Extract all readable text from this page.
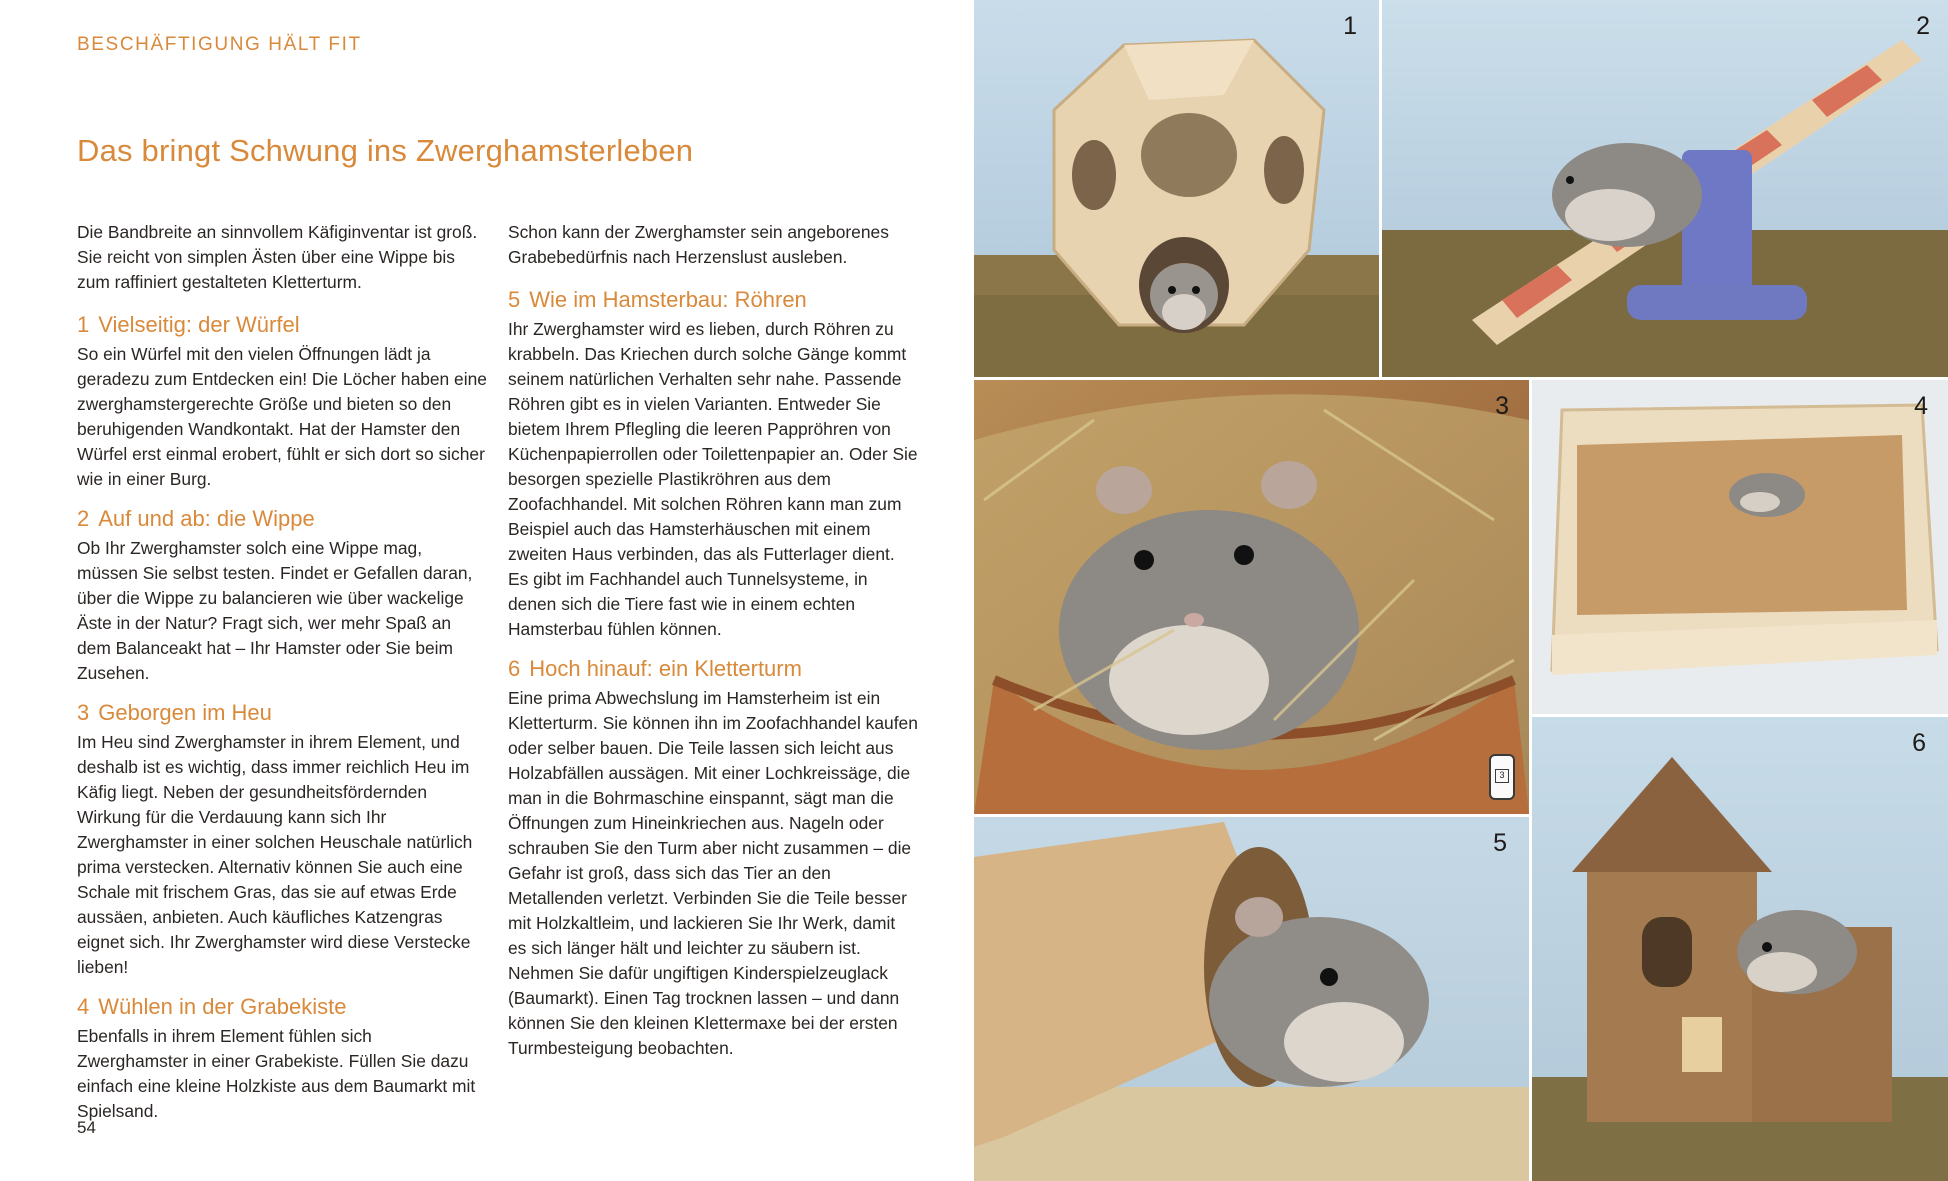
BESCHÄFTIGUNG HÄLT FIT
Das bringt Schwung ins Zwerghamsterleben

Die Bandbreite an sinnvollem Käfiginventar ist groß. Sie reicht von simplen Ästen über eine Wippe bis zum raffiniert gestalteten Kletterturm.

1 Vielseitig: der Würfel

So ein Würfel mit den vielen Öffnungen lädt ja geradezu zum Entdecken ein! Die Löcher haben eine zwerghamstergerechte Größe und bieten so den beruhigenden Wandkontakt. Hat der Hamster den Würfel erst einmal erobert, fühlt er sich dort so sicher wie in einer Burg.

2 Auf und ab: die Wippe

Ob Ihr Zwerghamster solch eine Wippe mag, müssen Sie selbst testen. Findet er Gefallen daran, über die Wippe zu balancieren wie über wackelige Äste in der Natur? Fragt sich, wer mehr Spaß an dem Balanceakt hat – Ihr Hamster oder Sie beim Zusehen.

3 Geborgen im Heu

Im Heu sind Zwerghamster in ihrem Element, und deshalb ist es wichtig, dass immer reichlich Heu im Käfig liegt. Neben der gesundheitsfördernden Wirkung für die Verdauung kann sich Ihr Zwerghamster in einer solchen Heuschale natürlich prima verstecken. Alternativ können Sie auch eine Schale mit frischem Gras, das sie auf etwas Erde aussäen, anbieten. Auch käufliches Katzengras eignet sich. Ihr Zwerghamster wird diese Verstecke lieben!

4 Wühlen in der Grabekiste

Ebenfalls in ihrem Element fühlen sich Zwerghamster in einer Grabekiste. Füllen Sie dazu einfach eine kleine Holzkiste aus dem Baumarkt mit Spielsand.

Schon kann der Zwerghamster sein angeborenes Grabebedürfnis nach Herzenslust ausleben.

5 Wie im Hamsterbau: Röhren

Ihr Zwerghamster wird es lieben, durch Röhren zu krabbeln. Das Kriechen durch solche Gänge kommt seinem natürlichen Verhalten sehr nahe. Passende Röhren gibt es in vielen Varianten. Entweder Sie bietem Ihrem Pflegling die leeren Pappröhren von Küchenpapierrollen oder Toilettenpapier an. Oder Sie besorgen spezielle Plastikröhren aus dem Zoofachhandel. Mit solchen Röhren kann man zum Beispiel auch das Hamsterhäuschen mit einem zweiten Haus verbinden, das als Futterlager dient. Es gibt im Fachhandel auch Tunnelsysteme, in denen sich die Tiere fast wie in einem echten Hamsterbau fühlen können.

6 Hoch hinauf: ein Kletterturm

Eine prima Abwechslung im Hamsterheim ist ein Kletterturm. Sie können ihn im Zoofachhandel kaufen oder selber bauen. Die Teile lassen sich leicht aus Holzabfällen aussägen. Mit einer Lochkreissäge, die man in die Bohrmaschine einspannt, sägt man die Öffnungen zum Hineinkriechen aus. Nageln oder schrauben Sie den Turm aber nicht zusammen – die Gefahr ist groß, dass sich das Tier an den Metallenden verletzt. Verbinden Sie die Teile besser mit Holzkaltleim, und lackieren Sie Ihr Werk, damit es sich länger hält und leichter zu säubern ist. Nehmen Sie dafür ungiftigen Kinderspielzeuglack (Baumarkt). Einen Tag trocknen lassen – und dann können Sie den kleinen Klettermaxe bei der ersten Turmbesteigung beobachten.

54
1	2
3
3
4
5
6
